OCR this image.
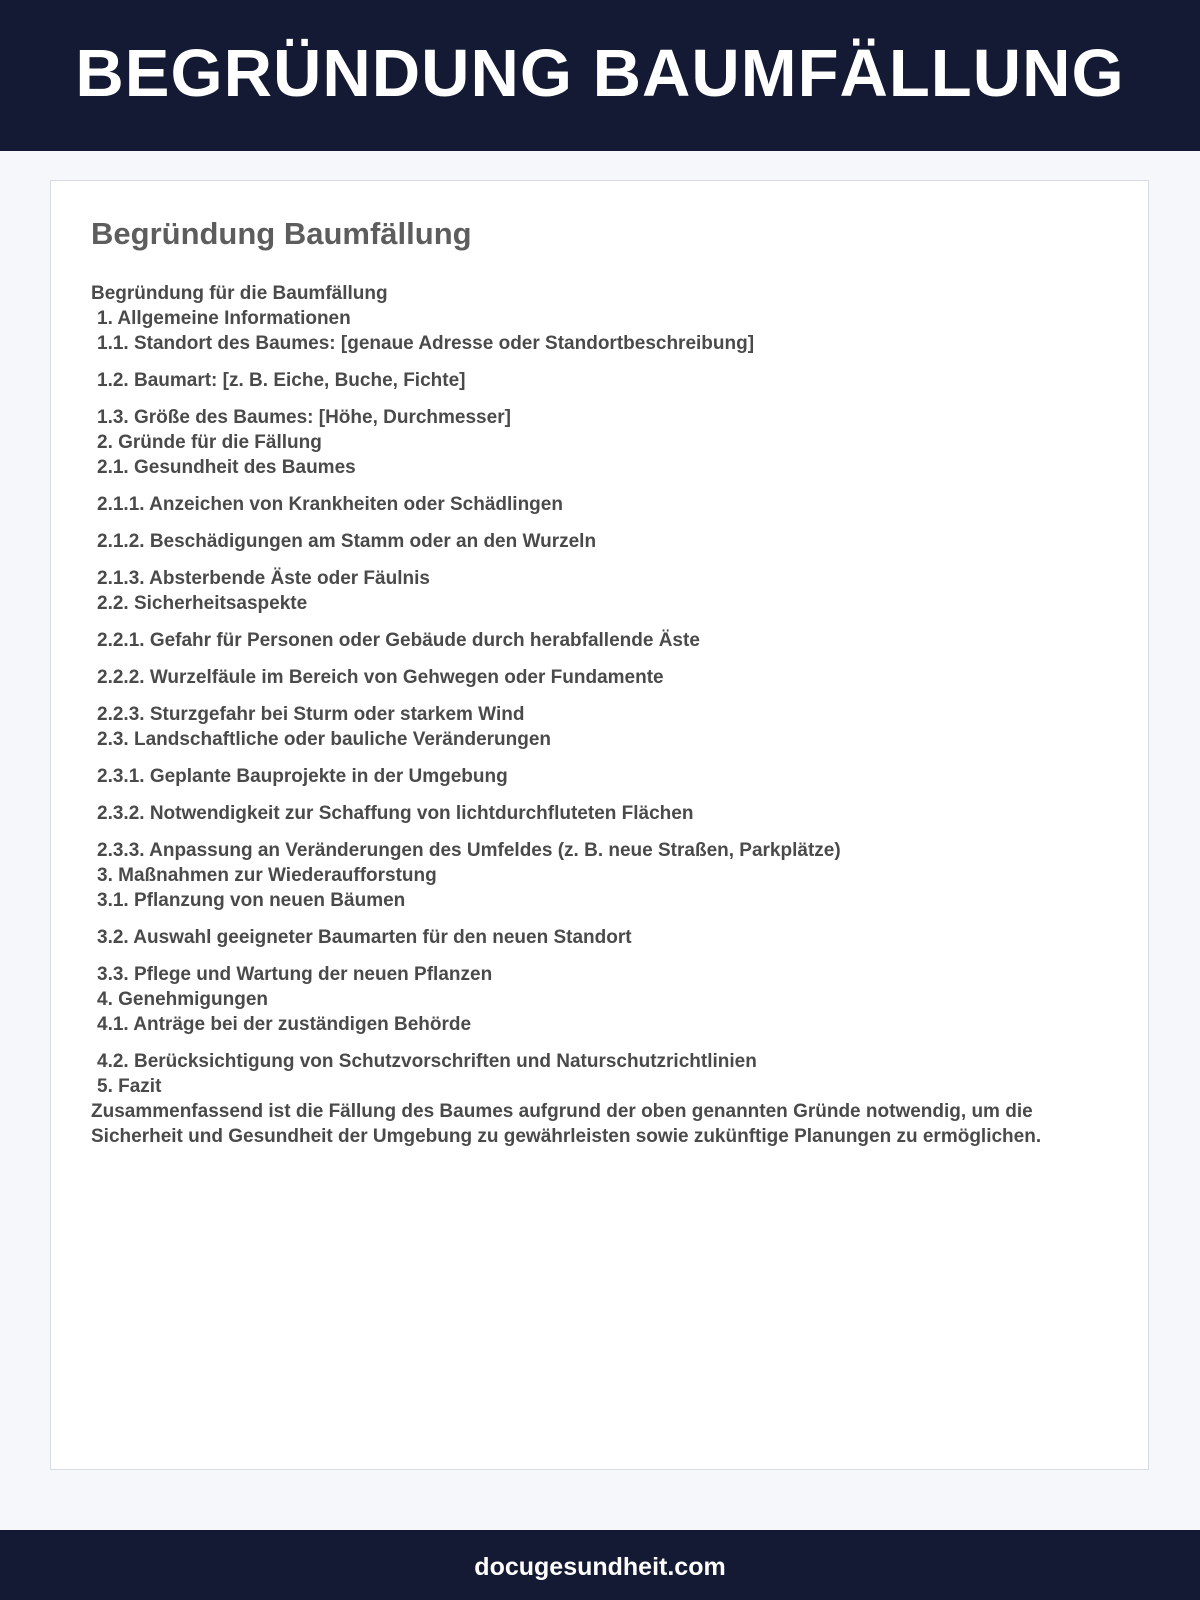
BEGRÜNDUNG BAUMFÄLLUNG
Begründung Baumfällung
Begründung für die Baumfällung
1. Allgemeine Informationen
1.1. Standort des Baumes: [genaue Adresse oder Standortbeschreibung]
1.2. Baumart: [z. B. Eiche, Buche, Fichte]
1.3. Größe des Baumes: [Höhe, Durchmesser]
2. Gründe für die Fällung
2.1. Gesundheit des Baumes
2.1.1. Anzeichen von Krankheiten oder Schädlingen
2.1.2. Beschädigungen am Stamm oder an den Wurzeln
2.1.3. Absterbende Äste oder Fäulnis
2.2. Sicherheitsaspekte
2.2.1. Gefahr für Personen oder Gebäude durch herabfallende Äste
2.2.2. Wurzelfäule im Bereich von Gehwegen oder Fundamente
2.2.3. Sturzgefahr bei Sturm oder starkem Wind
2.3. Landschaftliche oder bauliche Veränderungen
2.3.1. Geplante Bauprojekte in der Umgebung
2.3.2. Notwendigkeit zur Schaffung von lichtdurchfluteten Flächen
2.3.3. Anpassung an Veränderungen des Umfeldes (z. B. neue Straßen, Parkplätze)
3. Maßnahmen zur Wiederaufforstung
3.1. Pflanzung von neuen Bäumen
3.2. Auswahl geeigneter Baumarten für den neuen Standort
3.3. Pflege und Wartung der neuen Pflanzen
4. Genehmigungen
4.1. Anträge bei der zuständigen Behörde
4.2. Berücksichtigung von Schutzvorschriften und Naturschutzrichtlinien
5. Fazit
Zusammenfassend ist die Fällung des Baumes aufgrund der oben genannten Gründe notwendig, um die Sicherheit und Gesundheit der Umgebung zu gewährleisten sowie zukünftige Planungen zu ermöglichen.
docugesundheit.com
